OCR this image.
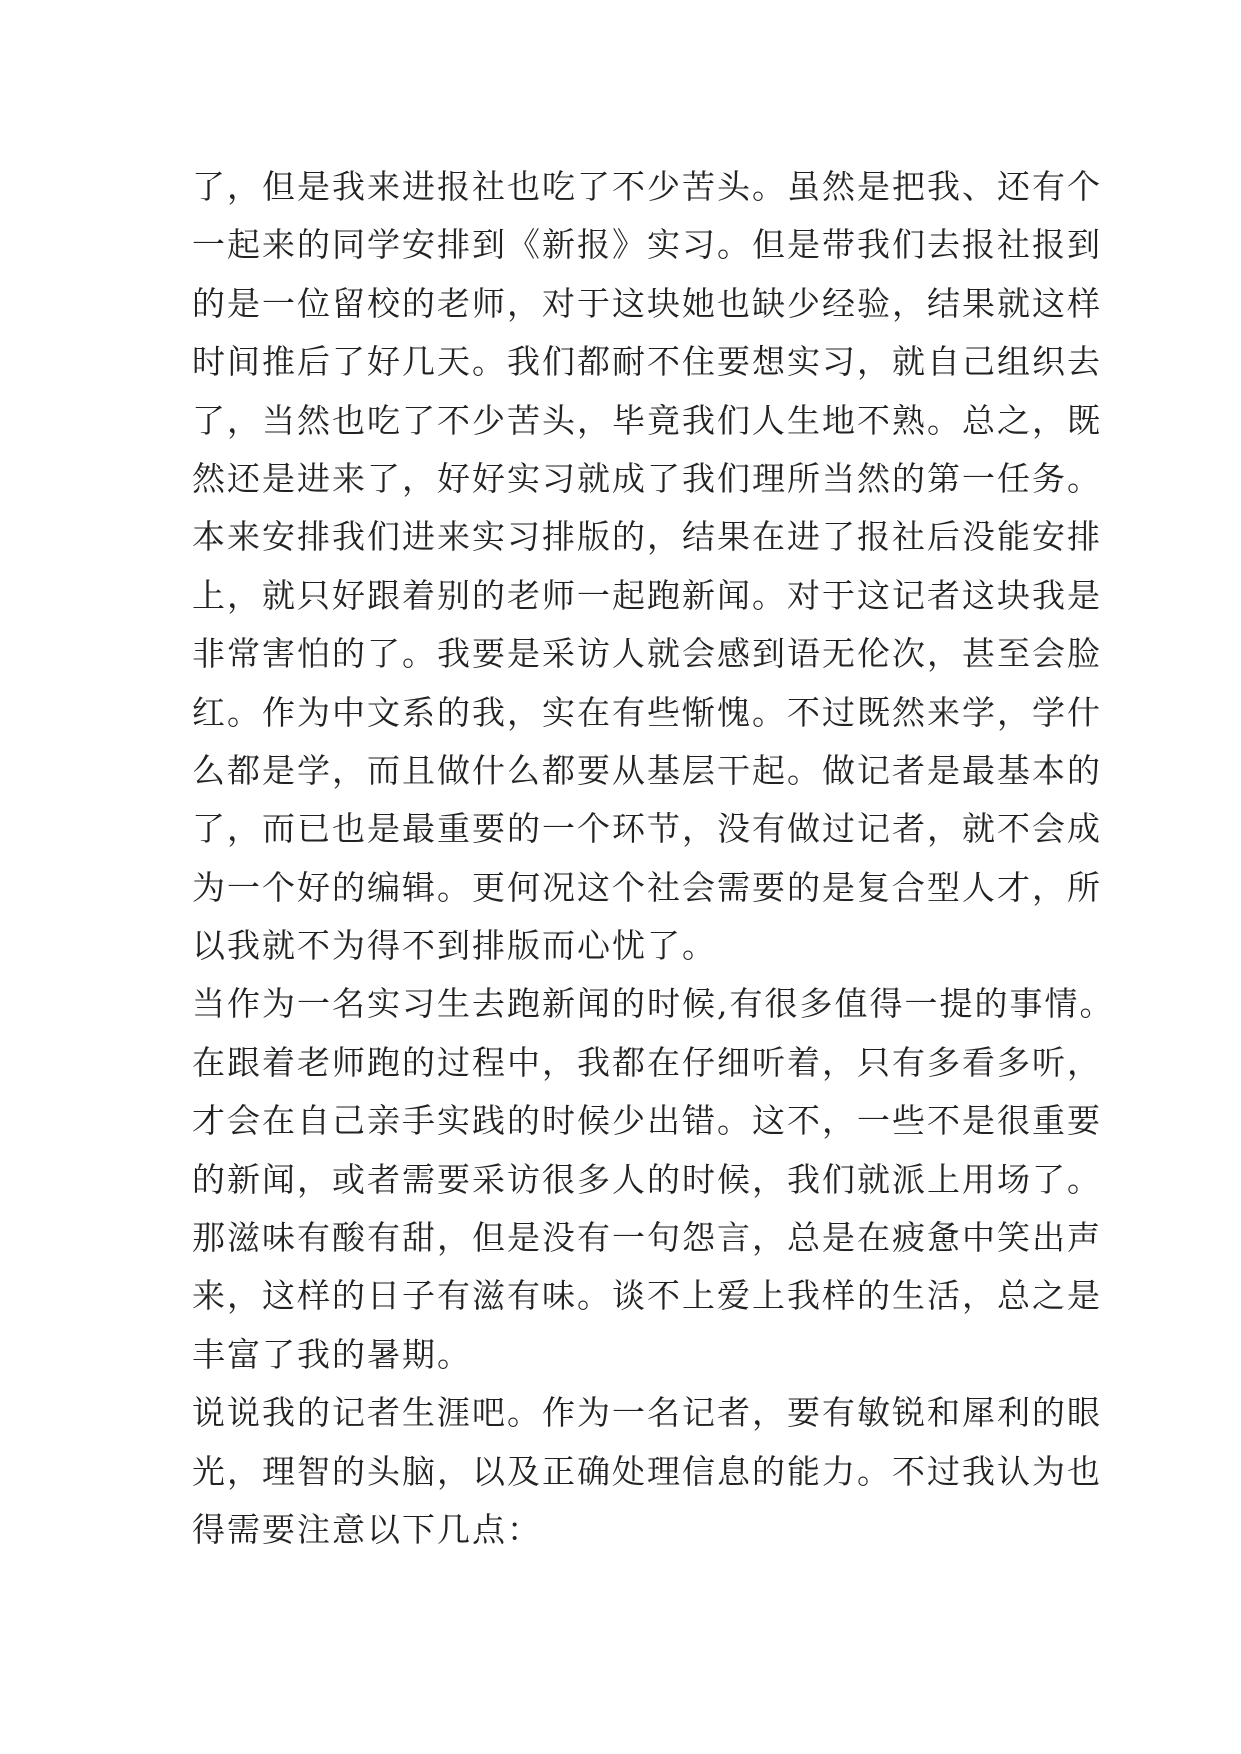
了，但是我来进报社也吃了不少苦头。虽然是把我、还有个
一起来的同学安排到《新报》实习。但是带我们去报社报到
的是一位留校的老师，对于这块她也缺少经验，结果就这样
时间推后了好几天。我们都耐不住要想实习，就自己组织去
了，当然也吃了不少苦头，毕竟我们人生地不熟。总之，既
然还是进来了，好好实习就成了我们理所当然的第一任务。
本来安排我们进来实习排版的，结果在进了报社后没能安排
上，就只好跟着别的老师一起跑新闻。对于这记者这块我是
非常害怕的了。我要是采访人就会感到语无伦次，甚至会脸
红。作为中文系的我，实在有些惭愧。不过既然来学，学什
么都是学，而且做什么都要从基层干起。做记者是最基本的
了，而已也是最重要的一个环节，没有做过记者，就不会成
为一个好的编辑。更何况这个社会需要的是复合型人才，所
以我就不为得不到排版而心忧了。
当作为一名实习生去跑新闻的时候,有很多值得一提的事情。
在跟着老师跑的过程中，我都在仔细听着，只有多看多听，
才会在自己亲手实践的时候少出错。这不，一些不是很重要
的新闻，或者需要采访很多人的时候，我们就派上用场了。
那滋味有酸有甜，但是没有一句怨言，总是在疲惫中笑出声
来，这样的日子有滋有味。谈不上爱上我样的生活，总之是
丰富了我的暑期。
说说我的记者生涯吧。作为一名记者，要有敏锐和犀利的眼
光，理智的头脑，以及正确处理信息的能力。不过我认为也
得需要注意以下几点：
